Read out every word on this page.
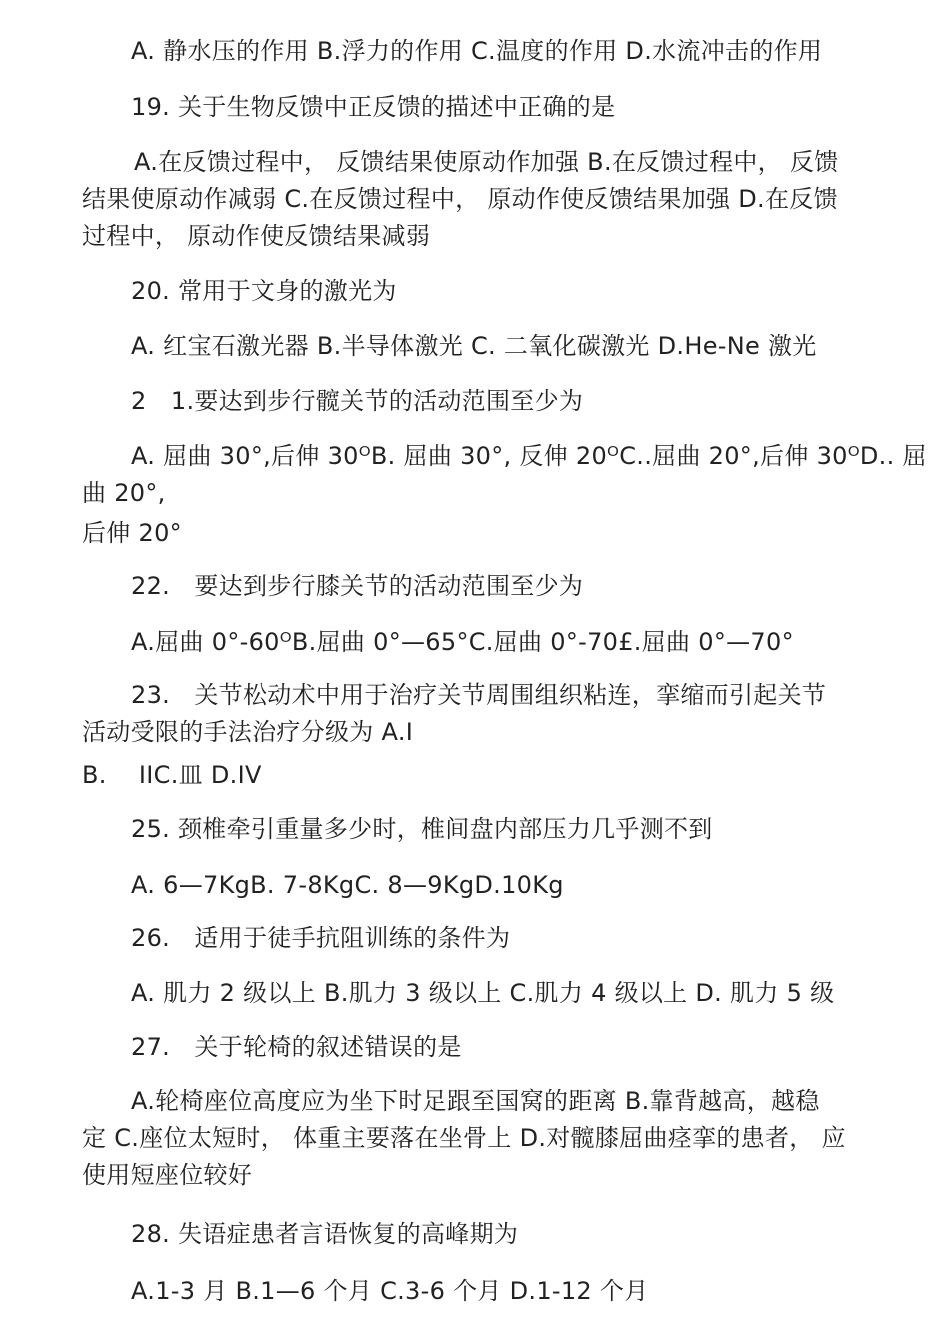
A. 静水压的作用 B.浮力的作用 C.温度的作用 D.水流冲击的作用
19. 关于生物反馈中正反馈的描述中正确的是
A.在反馈过程中， 反馈结果使原动作加强 B.在反馈过程中， 反馈
结果使原动作减弱 C.在反馈过程中， 原动作使反馈结果加强 D.在反馈
过程中， 原动作使反馈结果减弱
20. 常用于文身的激光为
A. 红宝石激光器 B.半导体激光 C. 二氧化碳激光 D.He-Ne 激光
2　1.要达到步行髋关节的活动范围至少为
A. 屈曲 30°,后伸 30ᴼB. 屈曲 30°, 反伸 20ᴼC..屈曲 20°,后伸 30ᴼD.. 屈
曲 20°,
后伸 20°
22.　要达到步行膝关节的活动范围至少为
A.屈曲 0°-60ᴼB.屈曲 0°—65°C.屈曲 0°-70£.屈曲 0°—70°
23.　关节松动术中用于治疗关节周围组织粘连，挛缩而引起关节
活动受限的手法治疗分级为 A.I
B.　 IIC.皿 D.IV
25. 颈椎牵引重量多少时，椎间盘内部压力几乎测不到
A. 6—7KgB. 7-8KgC. 8—9KgD.10Kg
26.　适用于徒手抗阻训练的条件为
A. 肌力 2 级以上 B.肌力 3 级以上 C.肌力 4 级以上 D. 肌力 5 级
27.　关于轮椅的叙述错误的是
A.轮椅座位高度应为坐下时足跟至国窝的距离 B.靠背越高，越稳
定 C.座位太短时， 体重主要落在坐骨上 D.对髋膝屈曲痉挛的患者， 应
使用短座位较好
28. 失语症患者言语恢复的高峰期为
A.1-3 月 B.1—6 个月 C.3-6 个月 D.1-12 个月
